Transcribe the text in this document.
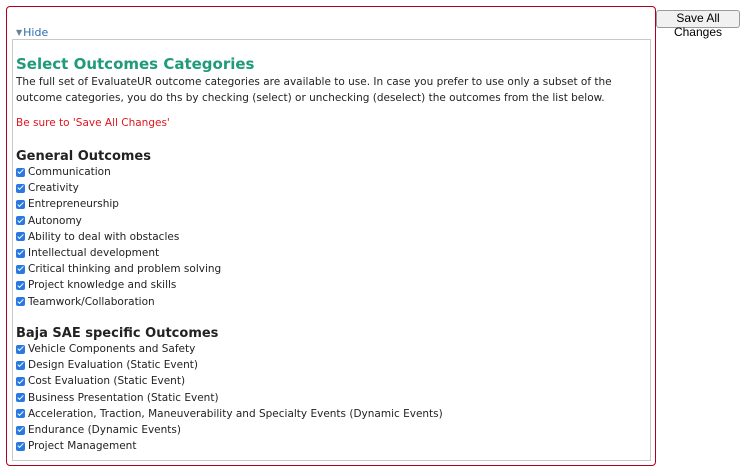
▼Hide
Save All Changes
Select Outcomes Categories

The full set of EvaluateUR outcome categories are available to use. In case you prefer to use only a subset of the outcome categories, you do ths by checking (select) or unchecking (deselect) the outcomes from the list below.

Be sure to 'Save All Changes'

General Outcomes
Communication
Creativity
Entrepreneurship
Autonomy
Ability to deal with obstacles
Intellectual development
Critical thinking and problem solving
Project knowledge and skills
Teamwork/Collaboration
Baja SAE specific Outcomes
Vehicle Components and Safety
Design Evaluation (Static Event)
Cost Evaluation (Static Event)
Business Presentation (Static Event)
Acceleration, Traction, Maneuverability and Specialty Events (Dynamic Events)
Endurance (Dynamic Events)
Project Management
